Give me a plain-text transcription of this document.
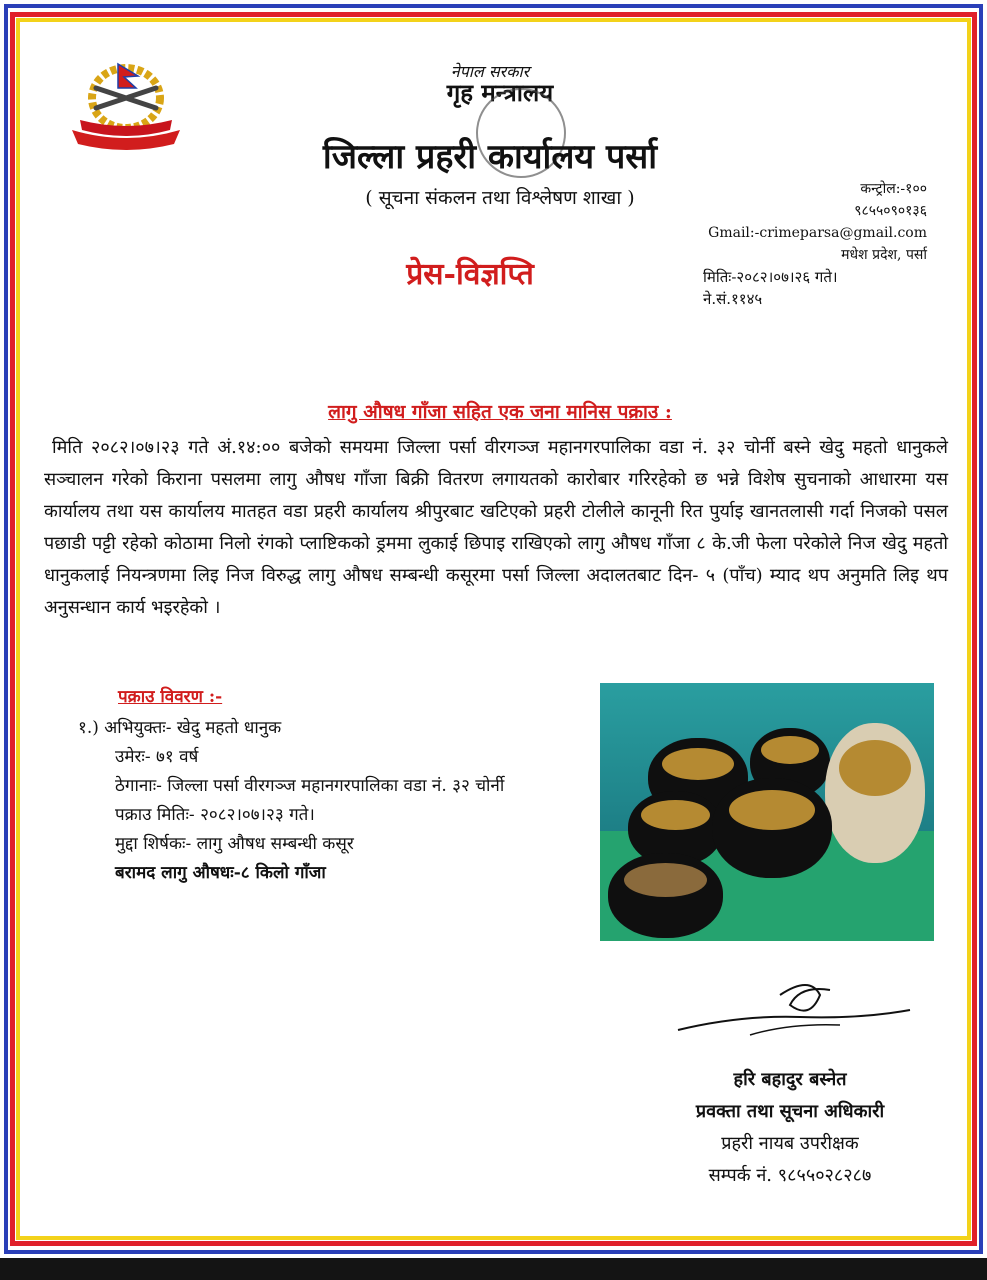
नेपाल सरकार
गृह मन्त्रालय
जिल्ला प्रहरी कार्यालय पर्सा
( सूचना संकलन तथा विश्लेषण शाखा )
प्रेस-विज्ञप्ति
कन्ट्रोल:-१००
९८५५०९०१३६
Gmail:-crimeparsa@gmail.com
मधेश प्रदेश, पर्सा
मितिः-२०८२।०७।२६ गते।
ने.सं.११४५
लागु औषध गाँजा सहित एक जना मानिस पक्राउ :
मिति २०८२।०७।२३ गते अं.१४:०० बजेको समयमा जिल्ला पर्सा वीरगञ्ज महानगरपालिका वडा नं. ३२ चोर्नी बस्ने खेदु महतो धानुकले सञ्चालन गरेको किराना पसलमा लागु औषध गाँजा बिक्री वितरण लगायतको कारोबार गरिरहेको छ भन्ने विशेष सुचनाको आधारमा यस कार्यालय तथा यस कार्यालय मातहत वडा प्रहरी कार्यालय श्रीपुरबाट खटिएको प्रहरी टोलीले कानूनी रित पुर्याइ खानतलासी गर्दा निजको पसल पछाडी पट्टी रहेको कोठामा निलो रंगको प्लाष्टिकको ड्रममा लुकाई छिपाइ राखिएको लागु औषध गाँजा ८ के.जी फेला परेकोले निज खेदु महतो धानुकलाई नियन्त्रणमा लिइ निज विरुद्ध लागु औषध सम्बन्धी कसूरमा पर्सा जिल्ला अदालतबाट दिन- ५ (पाँच) म्याद थप अनुमति लिइ थप अनुसन्धान कार्य भइरहेको ।
पक्राउ विवरण :-
१.) अभियुक्तः- खेदु महतो धानुक
उमेरः- ७१ वर्ष
ठेगानाः- जिल्ला पर्सा वीरगञ्ज महानगरपालिका वडा नं. ३२ चोर्नी
पक्राउ मितिः- २०८२।०७।२३ गते।
मुद्दा शिर्षकः- लागु औषध सम्बन्धी कसूर
बरामद लागु औषधः-८ किलो गाँजा
हरि बहादुर बस्नेत
प्रवक्ता तथा सूचना अधिकारी
प्रहरी नायब उपरीक्षक
सम्पर्क नं. ९८५५०२८२८७
